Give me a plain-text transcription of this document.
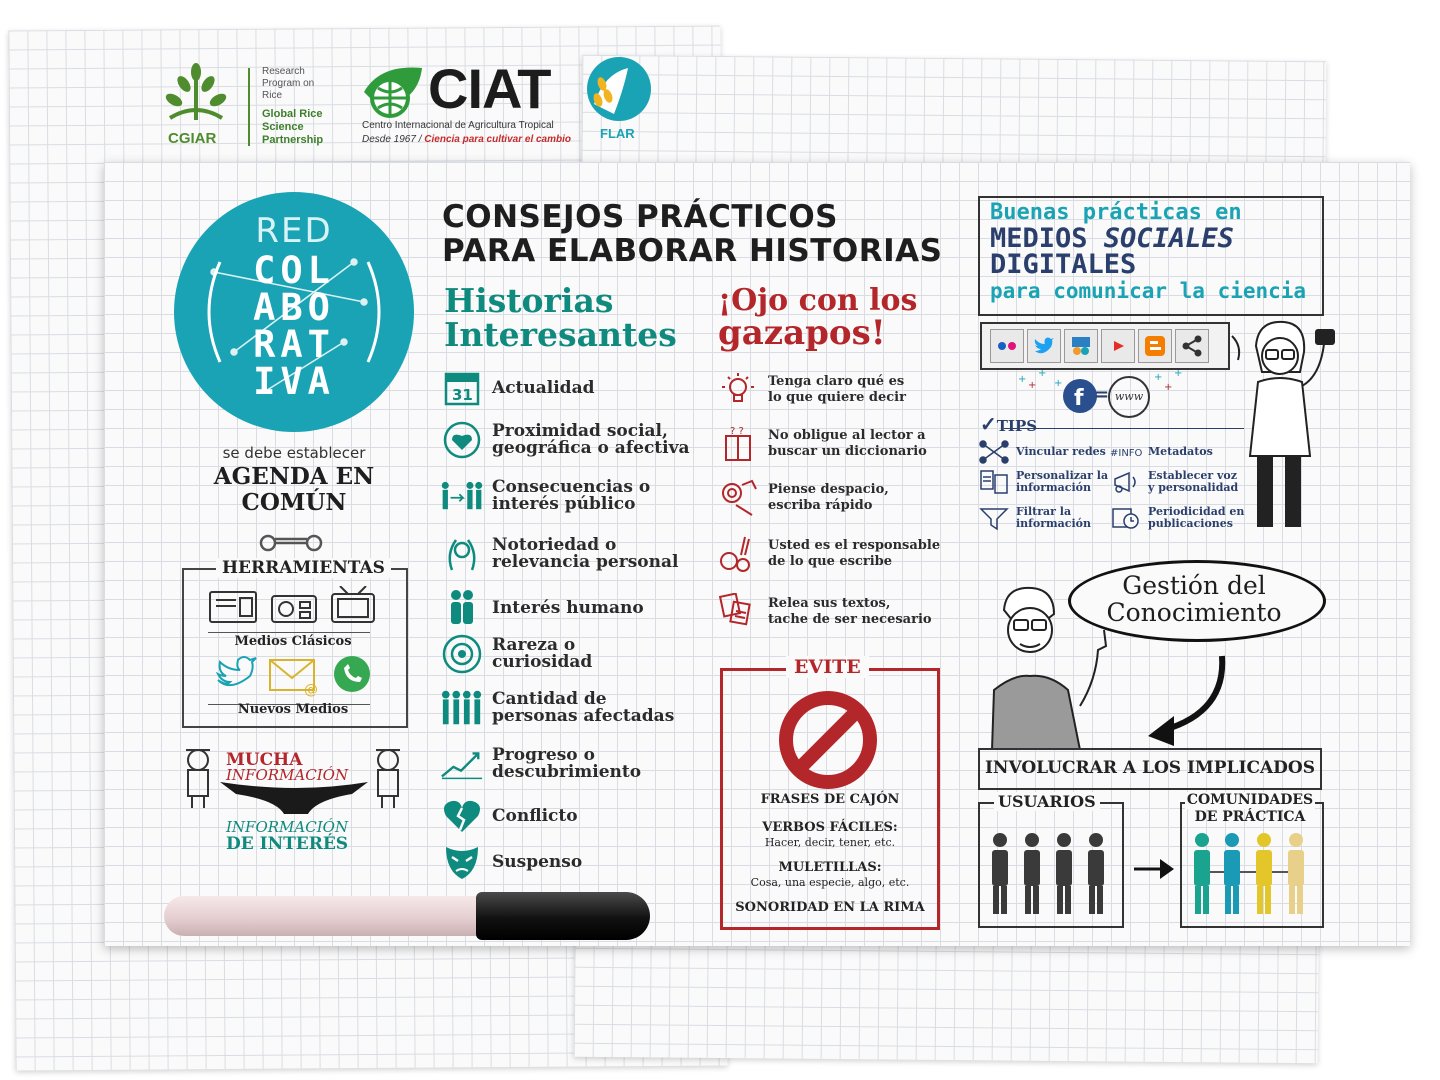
CGIAR
Research
Program on
Rice
Global Rice
Science
Partnership
CIAT
Centro Internacional de Agricultura Tropical
Desde 1967 / Ciencia para cultivar el cambio FLAR
RED
COL
ABO
RAT
IVA
se debe establecer
AGENDA EN
COMÚN
HERRAMIENTAS
Medios Clásicos
@
Nuevos Medios
MUCHA
INFORMACIÓN
INFORMACIÓN
DE INTERÉS
CONSEJOS PRÁCTICOS
PARA ELABORAR HISTORIAS
Historias
Interesantes
31 Actualidad
Proximidad social,
geográfica o afectiva
Consecuencias o
interés público
Notoriedad o
relevancia personal
Interés humano
Rareza o
curiosidad
Cantidad de
personas afectadas
Progreso o
descubrimiento
Conflicto
Suspenso
¡Ojo con los
gazapos!
Tenga claro qué es
lo que quiere decir
? ? No obligue al lector a
buscar un diccionario
Piense despacio,
escriba rápido
Usted es el responsable
de lo que escribe
Relea sus textos,
tache de ser necesario
EVITE
FRASES DE CAJÓN
VERBOS FÁCILES:
Hacer, decir, tener, etc.
MULETILLAS:
Cosa, una especie, algo, etc.
SONORIDAD EN LA RIMA
Buenas prácticas en
MEDIOS SOCIALES
DIGITALES
para comunicar la ciencia
f
+
+
+
+ +
+	+
= www
✓TIPS
Vincular redes #INFO Metadatos
Personalizar la
información
Establecer voz
y personalidad
Filtrar la
información
Periodicidad en
publicaciones
Gestión del
Conocimiento
INVOLUCRAR A LOS IMPLICADOS
USUARIOS	COMUNIDADES
DE PRÁCTICA
